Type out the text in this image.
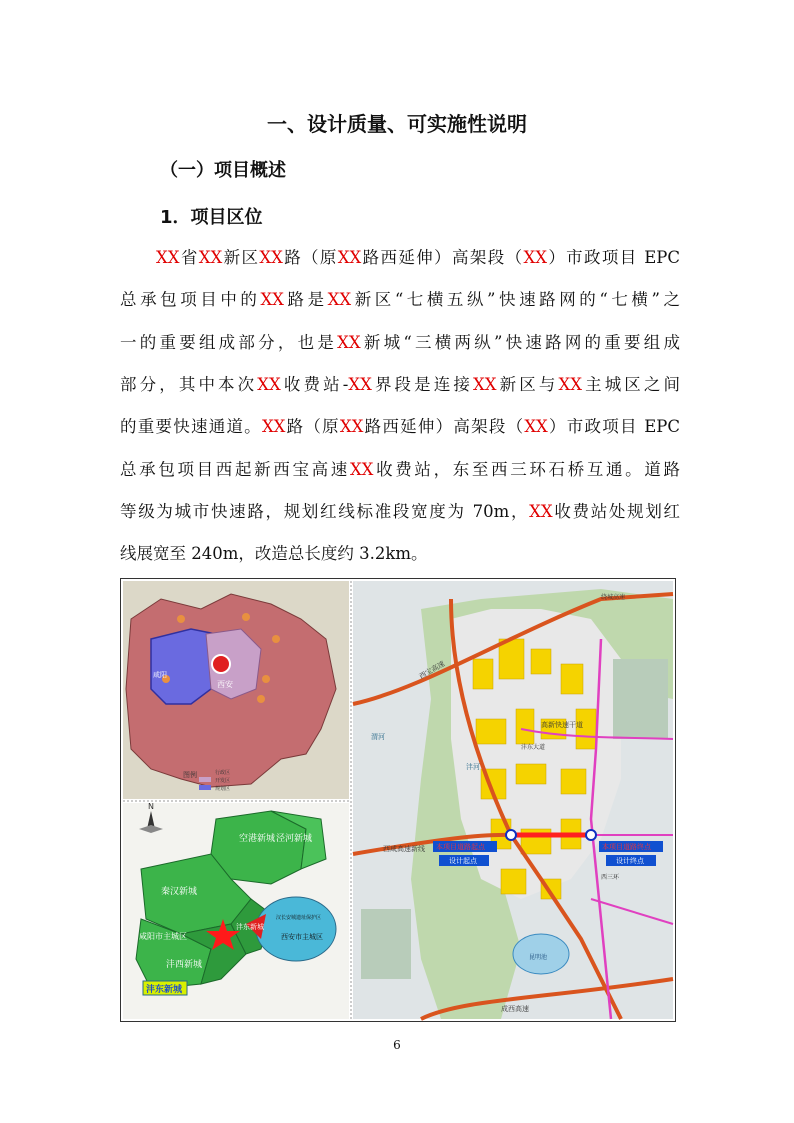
一、设计质量、可实施性说明
（一）项目概述
1．项目区位
XX省XX新区XX路（原XX路西延伸）高架段（XX）市政项目 EPC
总承包项目中的XX路是XX新区“七横五纵”快速路网的“七横”之
一的重要组成部分，也是XX新城“三横两纵”快速路网的重要组成
部分，其中本次XX收费站-XX界段是连接XX新区与XX主城区之间
的重要快速通道。XX路（原XX路西延伸）高架段（XX）市政项目 EPC
总承包项目西起新西宝高速XX收费站，东至西三环石桥互通。道路
等级为城市快速路，规划红线标准段宽度为 70m，XX收费站处规划红
线展宽至 240m，改造总长度约 3.2km。
西安
咸阳
图例	行政区
开发区
规划区
N
空港新城 泾河新城
秦汉新城
咸阳市主城区
沣东新城
沣西新城
西安市主城区
汉长安城遗址保护区
沣东新城
本项目道路起点
设计起点
本项目道路终点
设计终点
西宝高速
高新快速干道
西咸高速新线
绕城高速
成西高速
西三环
沣东大道
渭河
沣河
昆明池
6
